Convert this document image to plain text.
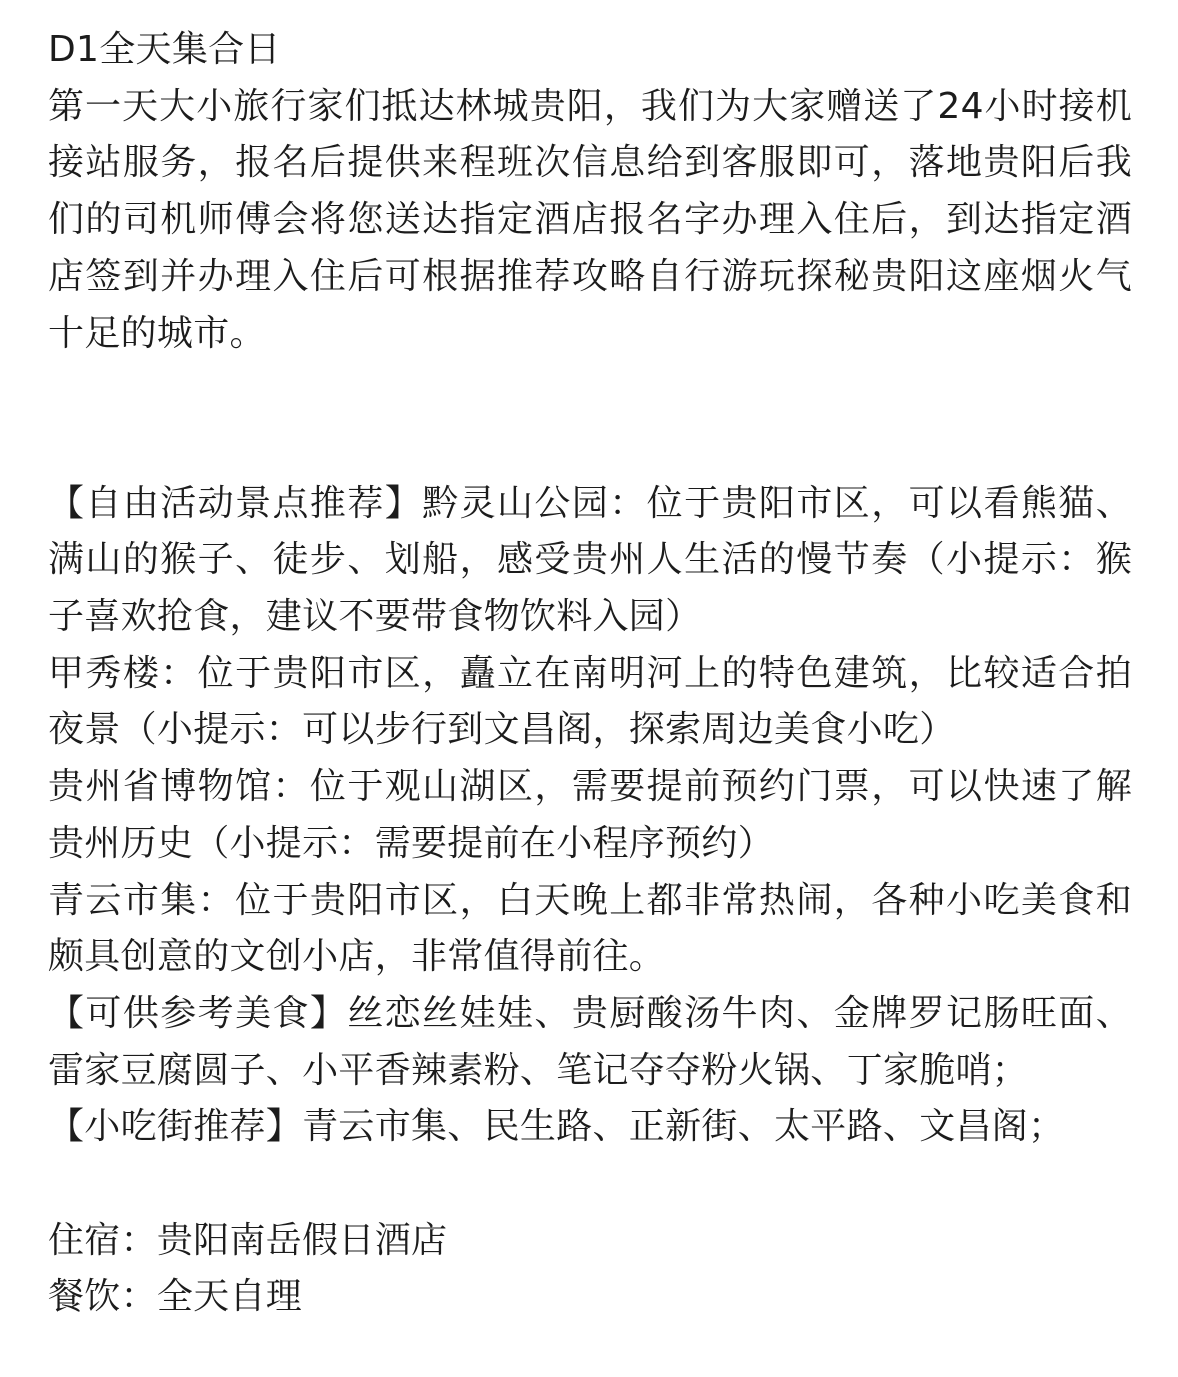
D1全天集合日

第一天大小旅行家们抵达林城贵阳，我们为大家赠送了24小时接机接站服务，报名后提供来程班次信息给到客服即可，落地贵阳后我们的司机师傅会将您送达指定酒店报名字办理入住后，到达指定酒店签到并办理入住后可根据推荐攻略自行游玩探秘贵阳这座烟火气十足的城市。

【自由活动景点推荐】黔灵山公园：位于贵阳市区，可以看熊猫、满山的猴子、徒步、划船，感受贵州人生活的慢节奏（小提示：猴子喜欢抢食，建议不要带食物饮料入园）

甲秀楼：位于贵阳市区，矗立在南明河上的特色建筑，比较适合拍夜景（小提示：可以步行到文昌阁，探索周边美食小吃）

贵州省博物馆：位于观山湖区，需要提前预约门票，可以快速了解贵州历史（小提示：需要提前在小程序预约）

青云市集：位于贵阳市区，白天晚上都非常热闹，各种小吃美食和颇具创意的文创小店，非常值得前往。

【可供参考美食】丝恋丝娃娃、贵厨酸汤牛肉、金牌罗记肠旺面、雷家豆腐圆子、小平香辣素粉、笔记夺夺粉火锅、丁家脆哨；

【小吃街推荐】青云市集、民生路、正新街、太平路、文昌阁；

住宿：贵阳南岳假日酒店

餐饮：全天自理
